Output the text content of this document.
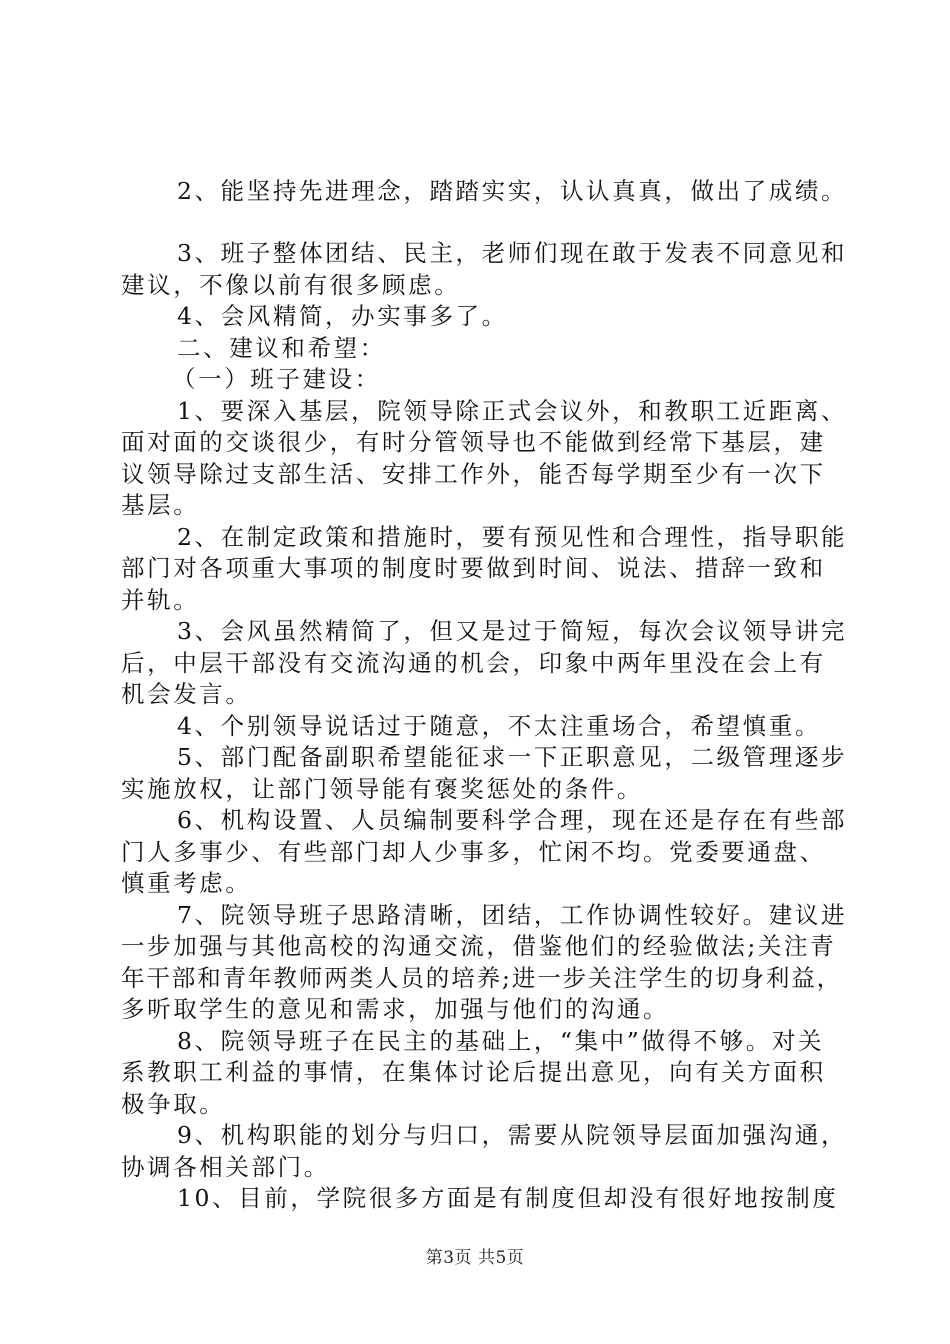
2、能坚持先进理念，踏踏实实，认认真真，做出了成绩。
3、班子整体团结、民主，老师们现在敢于发表不同意见和
建议，不像以前有很多顾虑。
4、会风精简，办实事多了。
二、建议和希望：
（一）班子建设：
1、要深入基层，院领导除正式会议外，和教职工近距离、
面对面的交谈很少，有时分管领导也不能做到经常下基层，建
议领导除过支部生活、安排工作外，能否每学期至少有一次下
基层。
2、在制定政策和措施时，要有预见性和合理性，指导职能
部门对各项重大事项的制度时要做到时间、说法、措辞一致和
并轨。
3、会风虽然精简了，但又是过于简短，每次会议领导讲完
后，中层干部没有交流沟通的机会，印象中两年里没在会上有
机会发言。
4、个别领导说话过于随意，不太注重场合，希望慎重。
5、部门配备副职希望能征求一下正职意见，二级管理逐步
实施放权，让部门领导能有褒奖惩处的条件。
6、机构设置、人员编制要科学合理，现在还是存在有些部
门人多事少、有些部门却人少事多，忙闲不均。党委要通盘、
慎重考虑。
7、院领导班子思路清晰，团结，工作协调性较好。建议进
一步加强与其他高校的沟通交流，借鉴他们的经验做法;关注青
年干部和青年教师两类人员的培养;进一步关注学生的切身利益，
多听取学生的意见和需求，加强与他们的沟通。
8、院领导班子在民主的基础上，“集中”做得不够。对关
系教职工利益的事情，在集体讨论后提出意见，向有关方面积
极争取。
9、机构职能的划分与归口，需要从院领导层面加强沟通，
协调各相关部门。
10、目前，学院很多方面是有制度但却没有很好地按制度
第3页 共5页
